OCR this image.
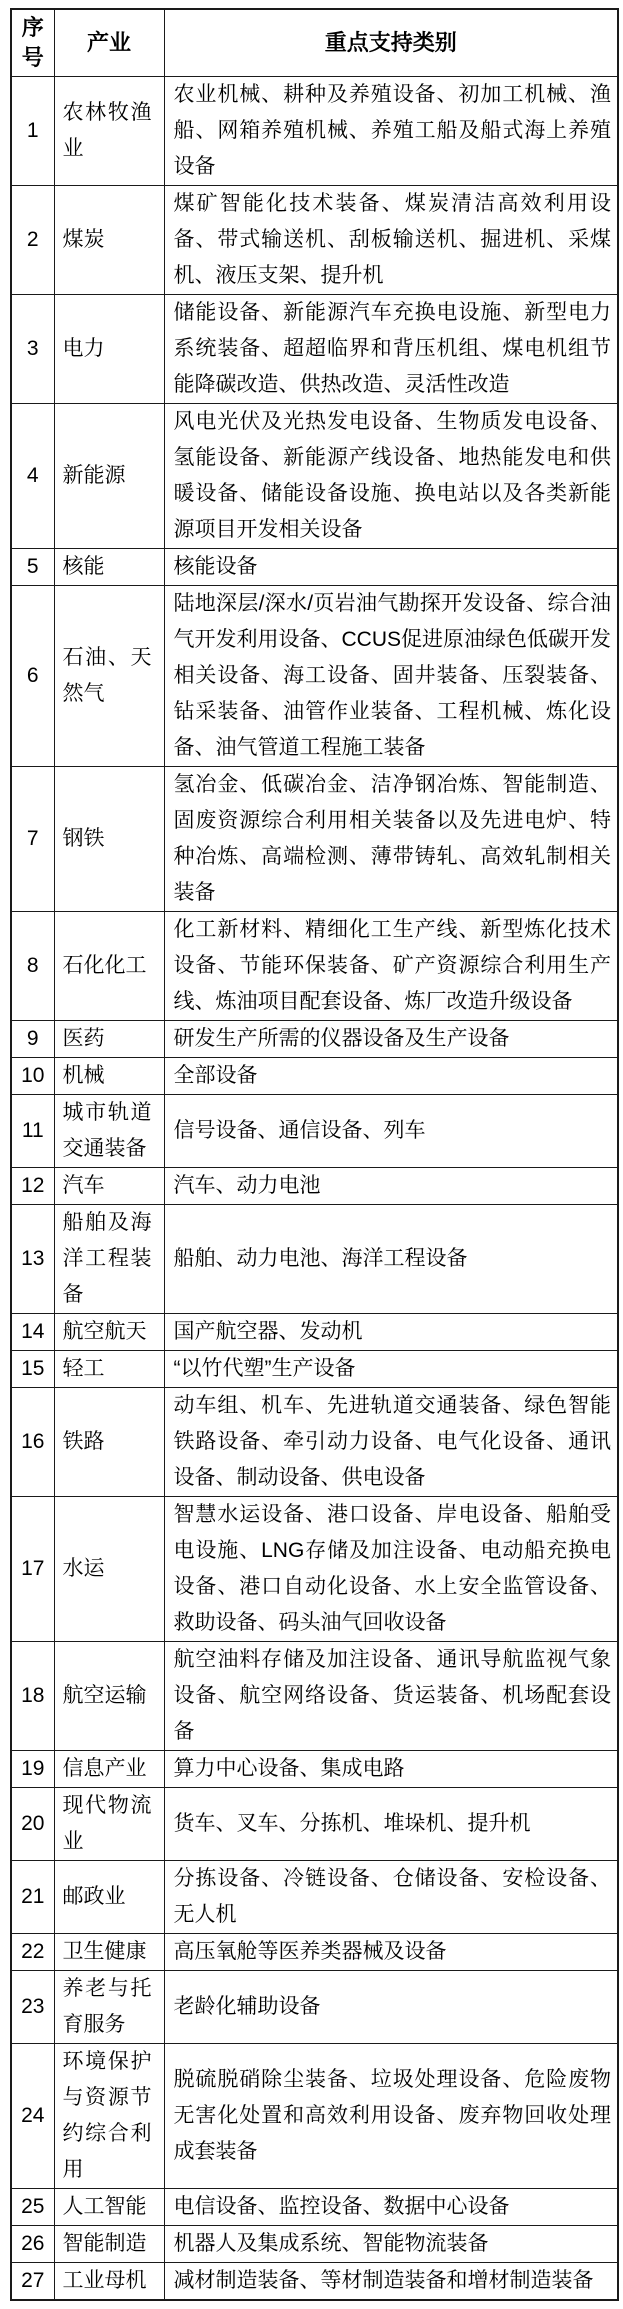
序号	产业	重点支持类别
1	农林牧渔业	农业机械、耕种及养殖设备、初加工机械、渔船、网箱养殖机械、养殖工船及船式海上养殖设备
2	煤炭	煤矿智能化技术装备、煤炭清洁高效利用设备、带式输送机、刮板输送机、掘进机、采煤机、液压支架、提升机
3	电力	储能设备、新能源汽车充换电设施、新型电力系统装备、超超临界和背压机组、煤电机组节能降碳改造、供热改造、灵活性改造
4	新能源	风电光伏及光热发电设备、生物质发电设备、氢能设备、新能源产线设备、地热能发电和供暖设备、储能设备设施、换电站以及各类新能源项目开发相关设备
5	核能	核能设备
6	石油、天然气	陆地深层/深水/页岩油气勘探开发设备、综合油气开发利用设备、CCUS促进原油绿色低碳开发相关设备、海工设备、固井装备、压裂装备、钻采装备、油管作业装备、工程机械、炼化设备、油气管道工程施工装备
7	钢铁	氢冶金、低碳冶金、洁净钢冶炼、智能制造、固废资源综合利用相关装备以及先进电炉、特种冶炼、高端检测、薄带铸轧、高效轧制相关装备
8	石化化工	化工新材料、精细化工生产线、新型炼化技术设备、节能环保装备、矿产资源综合利用生产线、炼油项目配套设备、炼厂改造升级设备
9	医药	研发生产所需的仪器设备及生产设备
10	机械	全部设备
11	城市轨道交通装备	信号设备、通信设备、列车
12	汽车	汽车、动力电池
13	船舶及海洋工程装备	船舶、动力电池、海洋工程设备
14	航空航天	国产航空器、发动机
15	轻工	“以竹代塑”生产设备
16	铁路	动车组、机车、先进轨道交通装备、绿色智能铁路设备、牵引动力设备、电气化设备、通讯设备、制动设备、供电设备
17	水运	智慧水运设备、港口设备、岸电设备、船舶受电设施、LNG存储及加注设备、电动船充换电设备、港口自动化设备、水上安全监管设备、救助设备、码头油气回收设备
18	航空运输	航空油料存储及加注设备、通讯导航监视气象设备、航空网络设备、货运装备、机场配套设备
19	信息产业	算力中心设备、集成电路
20	现代物流业	货车、叉车、分拣机、堆垛机、提升机
21	邮政业	分拣设备、冷链设备、仓储设备、安检设备、无人机
22	卫生健康	高压氧舱等医养类器械及设备
23	养老与托育服务	老龄化辅助设备
24	环境保护与资源节约综合利用	脱硫脱硝除尘装备、垃圾处理设备、危险废物无害化处置和高效利用设备、废弃物回收处理成套装备
25	人工智能	电信设备、监控设备、数据中心设备
26	智能制造	机器人及集成系统、智能物流装备
27	工业母机	减材制造装备、等材制造装备和增材制造装备
